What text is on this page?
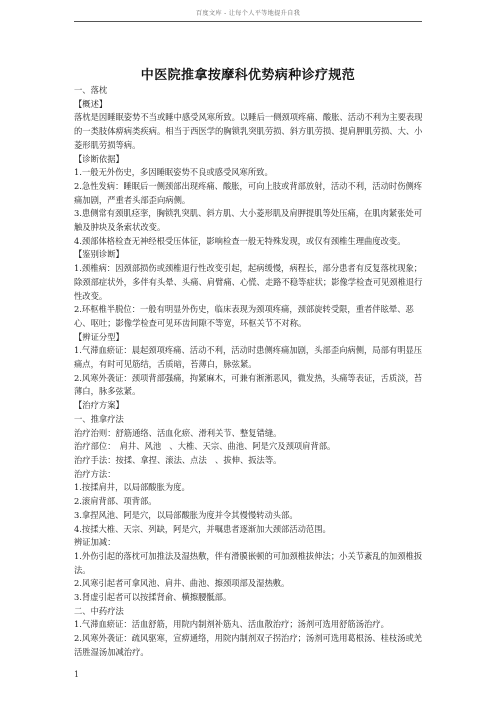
百度文库 - 让每个人平等地提升自我
中医院推拿按摩科优势病种诊疗规范

一、落枕

【概述】

落枕是因睡眠姿势不当或睡中感受风寒所致。以睡后一侧颈项疼痛、酸胀、活动不利为主要表现的一类肢体痹病类疾病。相当于西医学的胸锁乳突肌劳损、斜方肌劳损、提肩胛肌劳损、大、小菱形肌劳损等病。

【诊断依据】

1.一般无外伤史，多因睡眠姿势不良或感受风寒所致。

2.急性发病：睡眠后一侧颈部出现疼痛、酸胀，可向上肢或背部放射，活动不利，活动时伤侧疼痛加剧，严重者头部歪向病侧。

3.患侧常有颈肌痉挛，胸锁乳突肌、斜方肌、大小菱形肌及肩胛提肌等处压痛，在肌肉紧张处可触及肿块及条索状改变。

4.颈部体格检查无神经根受压体征，影响检查一般无特殊发现，或仅有颈椎生理曲度改变。

【鉴别诊断】

1.颈椎病：因颈部损伤或颈椎退行性改变引起，起病缓慢，病程长，部分患者有反复落枕现象；除颈部症状外，多伴有头晕、头痛、肩臂痛、心慌、走路不稳等症状；影像学检查可见颈椎退行性改变。

2.环枢椎半脱位：一般有明显外伤史，临床表现为颈项疼痛，颈部旋转受限，重者伴眩晕、恶心、呕吐；影像学检查可见环齿间隙不等宽，环枢关节不对称。

【辨证分型】

1.气滞血瘀证：晨起颈项疼痛、活动不利，活动时患侧疼痛加剧，头部歪向病侧，局部有明显压痛点，有时可见筋结，舌质暗，苔薄白，脉弦紧。

2.风寒外袭证：颈项背部强痛，拘紧麻木，可兼有淅淅恶风，微发热，头痛等表证，舌质淡，苔薄白，脉多弦紧。

【治疗方案】

一、推拿疗法

治疗治则：舒筋通络、活血化瘀、滑利关节、整复错缝。

治疗部位：　肩井、风池　、大椎、天宗、曲池、阿是穴及颈项肩背部。

治疗手法：按揉、拿捏、滚法、点法　、拔伸、扳法等。

治疗方法：

1.按揉肩井，以局部酸胀为度。

2.滚肩背部、项背部。

3.拿捏风池、阿是穴，以局部酸胀为度并令其慢慢转动头部。

4.按揉大椎、天宗、列缺，阿是穴，并嘱患者逐渐加大颈部活动范围。

辨证加减：

1.外伤引起的落枕可加推法及湿热敷，伴有滑膜嵌顿的可加颈椎拔伸法；小关节紊乱的加颈椎扳法。

2.风寒引起者可拿风池、肩井、曲池、擦颈项部及湿热敷。

3.肾虚引起者可以按揉肾俞、横擦腰骶部。

二、中药疗法

1.气滞血瘀证：活血舒筋，用院内制剂补筋丸、活血散治疗；汤剂可选用舒筋汤治疗。

2.风寒外袭证：疏风驱寒，宣痹通络，用院内制剂双子拐治疗；汤剂可选用葛根汤、桂枝汤或羌活胜湿汤加减治疗。

1
